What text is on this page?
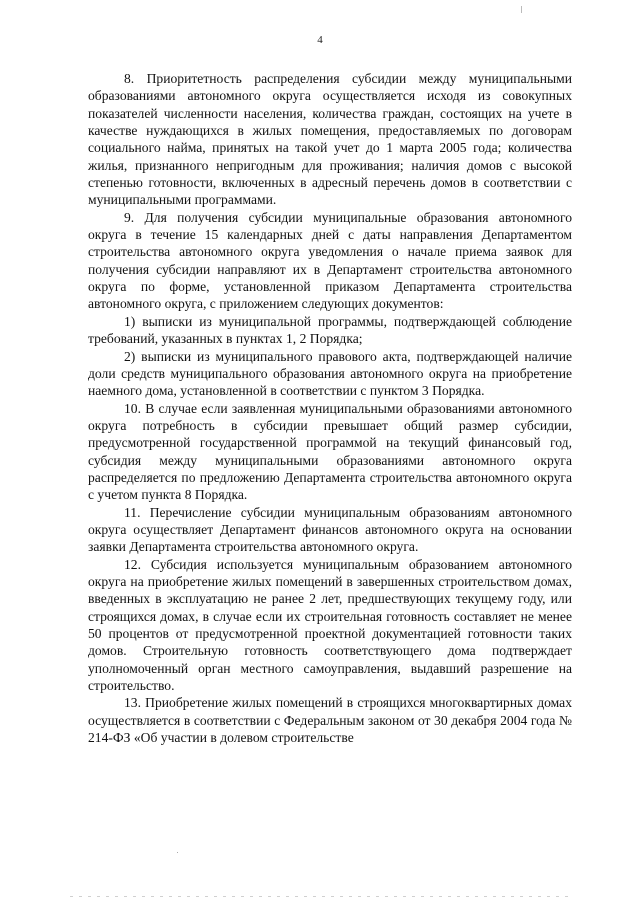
4

8. Приоритетность распределения субсидии между муниципальными образованиями автономного округа осуществляется исходя из совокупных показателей численности населения, количества граждан, состоящих на учете в качестве нуждающихся в жилых помещения, предоставляемых по договорам социального найма, принятых на такой учет до 1 марта 2005 года; количества жилья, признанного непригодным для проживания; наличия домов с высокой степенью готовности, включенных в адресный перечень домов в соответствии с муниципальными программами.

9. Для получения субсидии муниципальные образования автономного округа в течение 15 календарных дней с даты направления Департаментом строительства автономного округа уведомления о начале приема заявок для получения субсидии направляют их в Департамент строительства автономного округа по форме, установленной приказом Департамента строительства автономного округа, с приложением следующих документов:

1) выписки из муниципальной программы, подтверждающей соблюдение требований, указанных в пунктах 1, 2 Порядка;

2) выписки из муниципального правового акта, подтверждающей наличие доли средств муниципального образования автономного округа на приобретение наемного дома, установленной в соответствии с пунктом 3 Порядка.

10. В случае если заявленная муниципальными образованиями автономного округа потребность в субсидии превышает общий размер субсидии, предусмотренной государственной программой на текущий финансовый год, субсидия между муниципальными образованиями автономного округа распределяется по предложению Департамента строительства автономного округа с учетом пункта 8 Порядка.

11. Перечисление субсидии муниципальным образованиям автономного округа осуществляет Департамент финансов автономного округа на основании заявки Департамента строительства автономного округа.

12. Субсидия используется муниципальным образованием автономного округа на приобретение жилых помещений в завершенных строительством домах, введенных в эксплуатацию не ранее 2 лет, предшествующих текущему году, или строящихся домах, в случае если их строительная готовность составляет не менее 50 процентов от предусмотренной проектной документацией готовности таких домов. Строительную готовность соответствующего дома подтверждает уполномоченный орган местного самоуправления, выдавший разрешение на строительство.

13. Приобретение жилых помещений в строящихся многоквартирных домах осуществляется в соответствии с Федеральным законом от 30 декабря 2004 года № 214-ФЗ «Об участии в долевом строительстве
